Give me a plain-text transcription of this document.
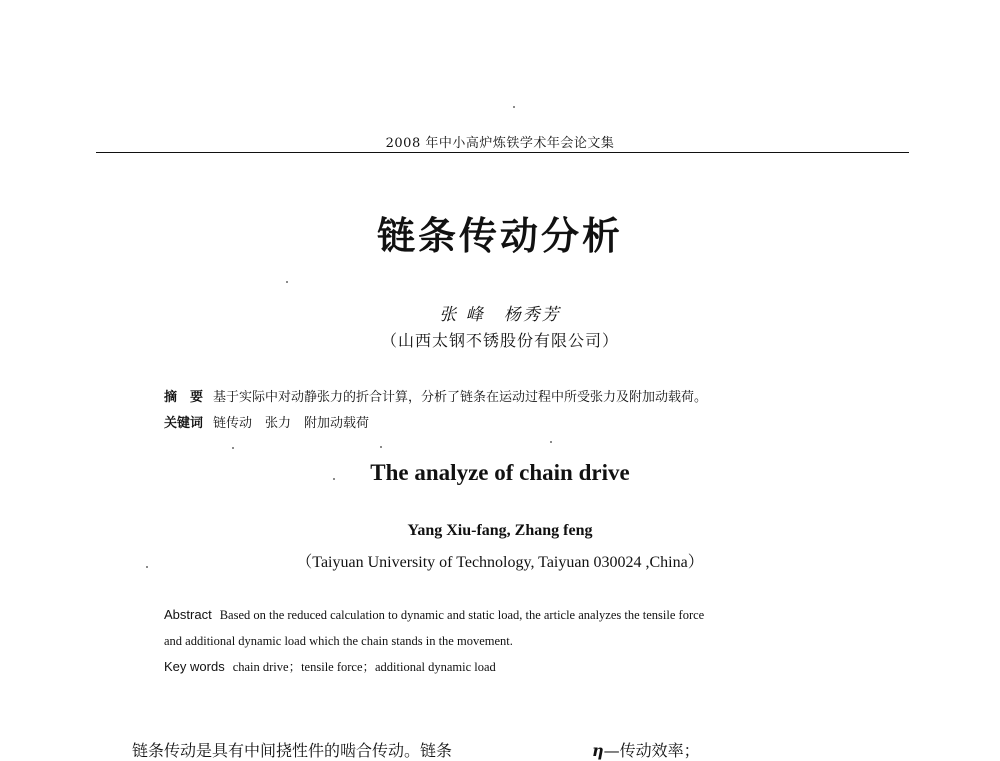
2008 年中小高炉炼铁学术年会论文集
链条传动分析
张 峰　杨秀芳
（山西太钢不锈股份有限公司）
摘　要 基于实际中对动静张力的折合计算，分析了链条在运动过程中所受张力及附加动载荷。
关键词 链传动　张力　附加动载荷
The analyze of chain drive
Yang Xiu-fang, Zhang feng
（Taiyuan University of Technology, Taiyuan 030024 ,China）
Abstract Based on the reduced calculation to dynamic and static load, the article analyzes the tensile force
and additional dynamic load which the chain stands in the movement.
Key words chain drive；tensile force；additional dynamic load
链条传动是具有中间挠性件的啮合传动。链条	η—传动效率；
